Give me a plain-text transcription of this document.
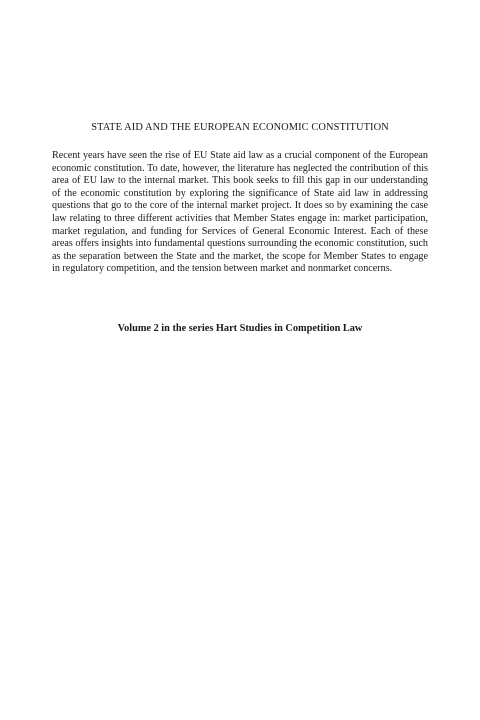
STATE AID AND THE EUROPEAN ECONOMIC CONSTITUTION

Recent years have seen the rise of EU State aid law as a crucial component of the European economic constitution. To date, however, the literature has neglected the contribution of this area of EU law to the internal market. This book seeks to fill this gap in our understanding of the economic constitution by exploring the significance of State aid law in addressing questions that go to the core of the internal market project. It does so by examining the case law relating to three different activities that Member States engage in: market participation, market regulation, and funding for Services of General Economic Interest. Each of these areas offers insights into fundamental questions surrounding the economic constitution, such as the separation between the State and the market, the scope for Member States to engage in regulatory competition, and the tension between market and nonmarket concerns.

Volume 2 in the series Hart Studies in Competition Law
